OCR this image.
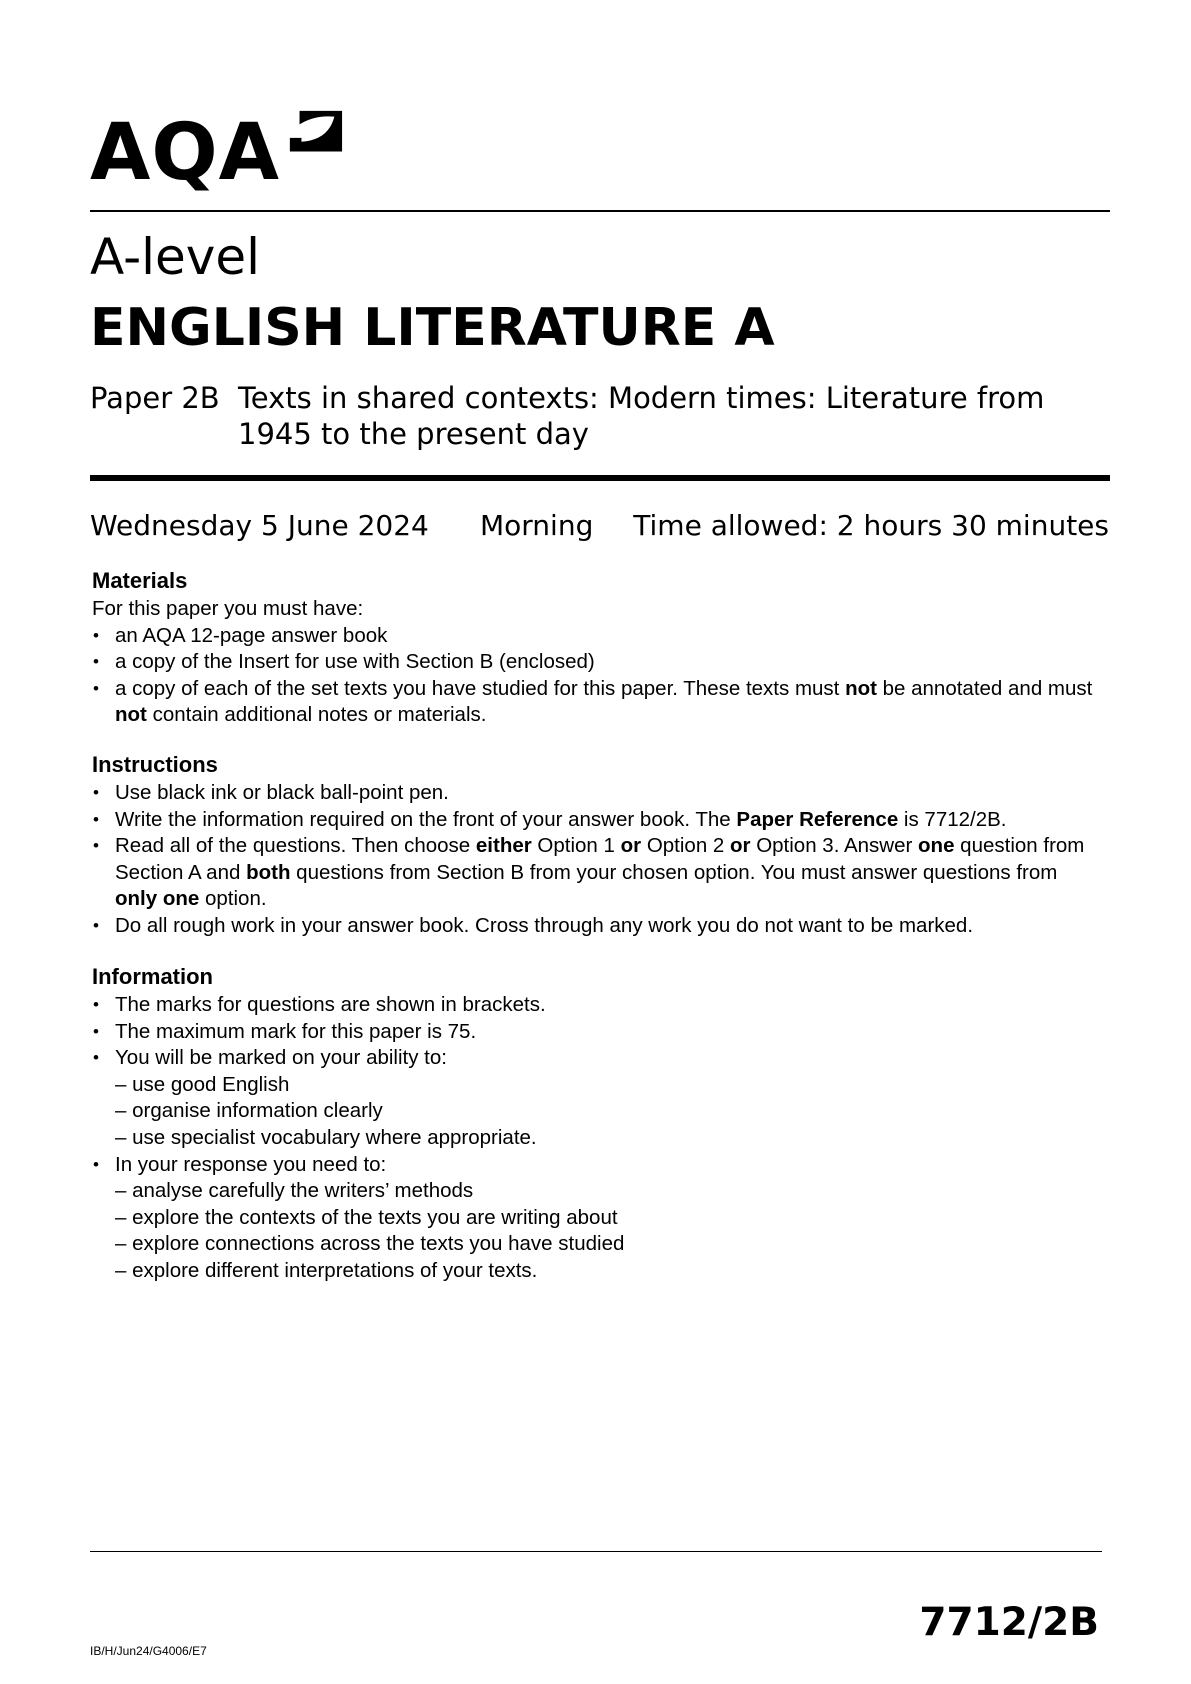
AQA
A-level
ENGLISH LITERATURE A
Paper 2B Texts in shared contexts: Modern times: Literature from 1945 to the present day
Wednesday 5 June 2024 Morning Time allowed: 2 hours 30 minutes
Materials

For this paper you must have:

• an AQA 12-page answer book
• a copy of the Insert for use with Section B (enclosed)
• a copy of each of the set texts you have studied for this paper. These texts must not be annotated and must not contain additional notes or materials.
Instructions
• Use black ink or black ball-point pen.
• Write the information required on the front of your answer book. The Paper Reference is 7712/2B.
• Read all of the questions. Then choose either Option 1 or Option 2 or Option 3. Answer one question from Section A and both questions from Section B from your chosen option. You must answer questions from only one option.
• Do all rough work in your answer book. Cross through any work you do not want to be marked.
Information
• The marks for questions are shown in brackets.
• The maximum mark for this paper is 75.
• You will be marked on your ability to:
– use good English
– organise information clearly
– use specialist vocabulary where appropriate.
• In your response you need to:
– analyse carefully the writers’ methods
– explore the contexts of the texts you are writing about
– explore connections across the texts you have studied
– explore different interpretations of your texts.
IB/H/Jun24/G4006/E7
7712/2B
